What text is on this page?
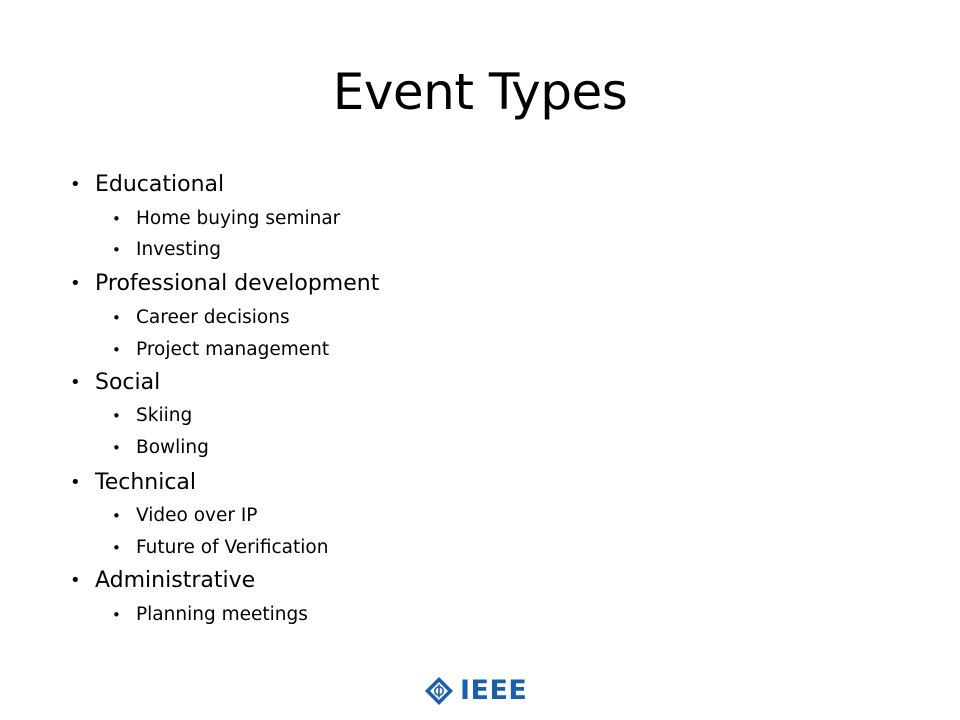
Event Types
• Educational
• Home buying seminar
• Investing
• Professional development
• Career decisions
• Project management
• Social
• Skiing
• Bowling
• Technical
• Video over IP
• Future of Verification
• Administrative
• Planning meetings
IEEE
